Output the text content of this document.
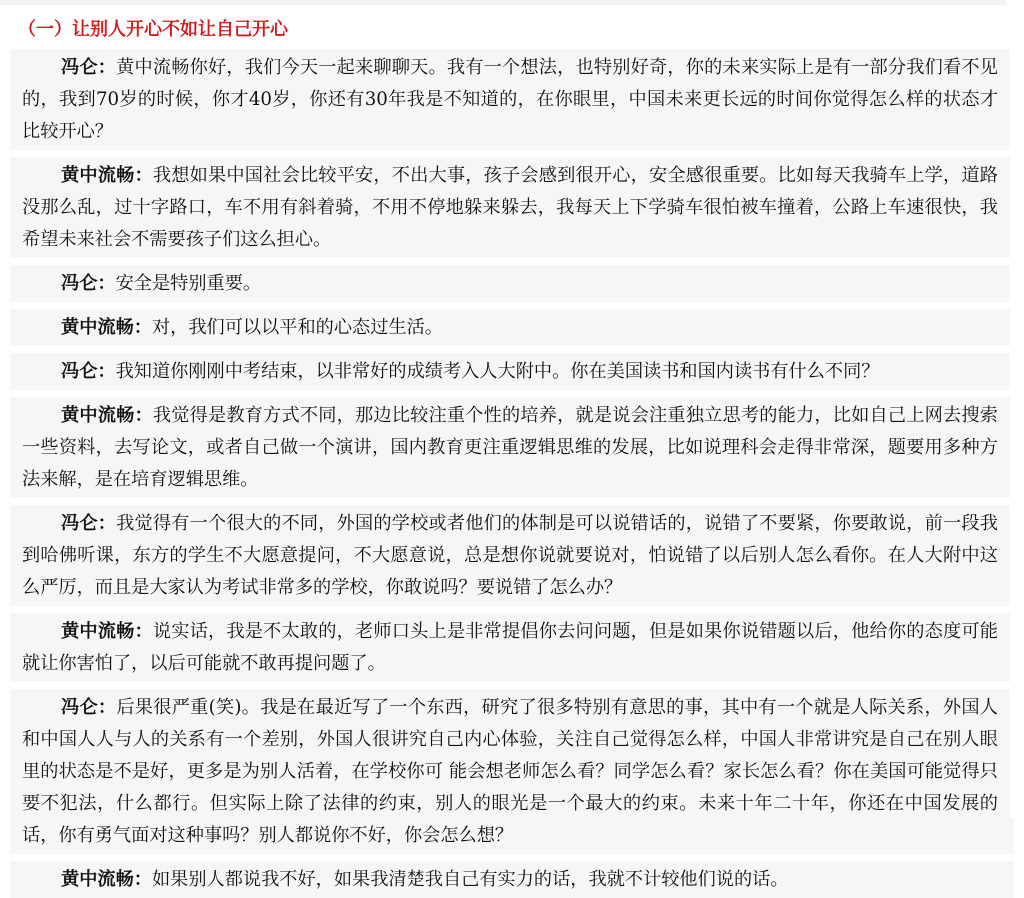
（一）让别人开心不如让自己开心
冯仑：黄中流畅你好，我们今天一起来聊聊天。我有一个想法，也特别好奇，你的未来实际上是有一部分我们看不见的，我到70岁的时候，你才40岁，你还有30年我是不知道的，在你眼里，中国未来更长远的时间你觉得怎么样的状态才比较开心？
黄中流畅：我想如果中国社会比较平安，不出大事，孩子会感到很开心，安全感很重要。比如每天我骑车上学，道路没那么乱，过十字路口，车不用有斜着骑，不用不停地躲来躲去，我每天上下学骑车很怕被车撞着，公路上车速很快，我希望未来社会不需要孩子们这么担心。
冯仑：安全是特别重要。
黄中流畅：对，我们可以以平和的心态过生活。
冯仑：我知道你刚刚中考结束，以非常好的成绩考入人大附中。你在美国读书和国内读书有什么不同？
黄中流畅：我觉得是教育方式不同，那边比较注重个性的培养，就是说会注重独立思考的能力，比如自己上网去搜索一些资料，去写论文，或者自己做一个演讲，国内教育更注重逻辑思维的发展，比如说理科会走得非常深，题要用多种方法来解，是在培育逻辑思维。
冯仑：我觉得有一个很大的不同，外国的学校或者他们的体制是可以说错话的，说错了不要紧，你要敢说，前一段我到哈佛听课，东方的学生不大愿意提问，不大愿意说，总是想你说就要说对，怕说错了以后别人怎么看你。在人大附中这么严厉，而且是大家认为考试非常多的学校，你敢说吗？要说错了怎么办？
黄中流畅：说实话，我是不太敢的，老师口头上是非常提倡你去问问题，但是如果你说错题以后，他给你的态度可能就让你害怕了，以后可能就不敢再提问题了。
冯仑：后果很严重(笑)。我是在最近写了一个东西，研究了很多特别有意思的事，其中有一个就是人际关系，外国人和中国人人与人的关系有一个差别，外国人很讲究自己内心体验，关注自己觉得怎么样，中国人非常讲究是自己在别人眼里的状态是不是好，更多是为别人活着，在学校你可 能会想老师怎么看？同学怎么看？家长怎么看？你在美国可能觉得只要不犯法，什么都行。但实际上除了法律的约束，别人的眼光是一个最大的约束。未来十年二十年，你还在中国发展的话，你有勇气面对这种事吗？别人都说你不好，你会怎么想？
黄中流畅：如果别人都说我不好，如果我清楚我自己有实力的话，我就不计较他们说的话。
